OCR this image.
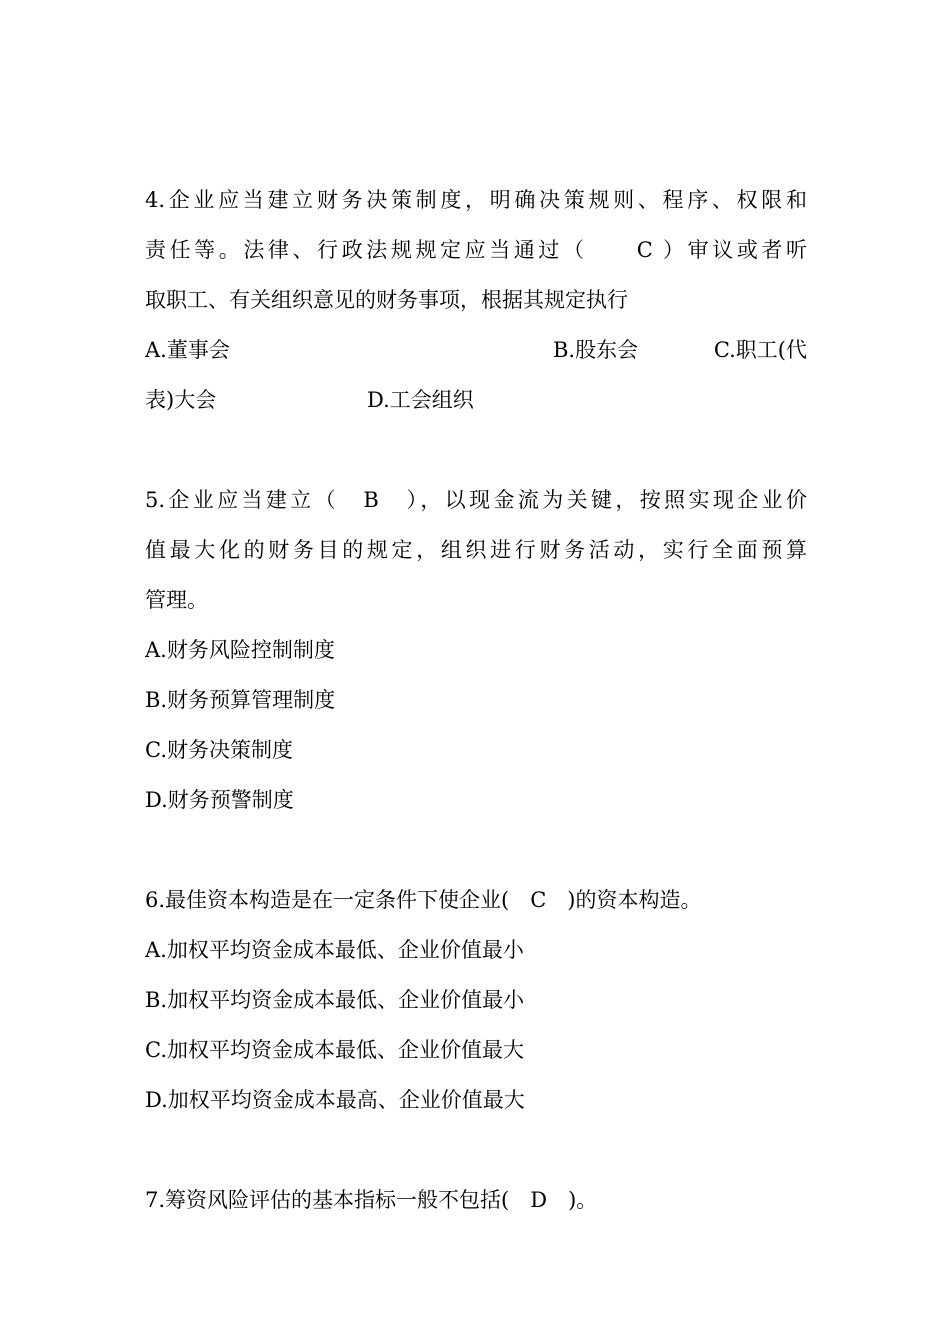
4.企业应当建立财务决策制度，明确决策规则、程序、权限和
责任等。法律、行政法规规定应当通过（　　C ）审议或者听
取职工、有关组织意见的财务事项，根据其规定执行
A.董事会	B.股东会	C.职工(代
表)大会	D.工会组织
5.企业应当建立（　B　），以现金流为关键，按照实现企业价
值最大化的财务目的规定，组织进行财务活动，实行全面预算
管理。
A.财务风险控制制度
B.财务预算管理制度
C.财务决策制度
D.财务预警制度
6.最佳资本构造是在一定条件下使企业(　C　)的资本构造。
A.加权平均资金成本最低、企业价值最小
B.加权平均资金成本最低、企业价值最小
C.加权平均资金成本最低、企业价值最大
D.加权平均资金成本最高、企业价值最大
7.筹资风险评估的基本指标一般不包括(　D　)。
